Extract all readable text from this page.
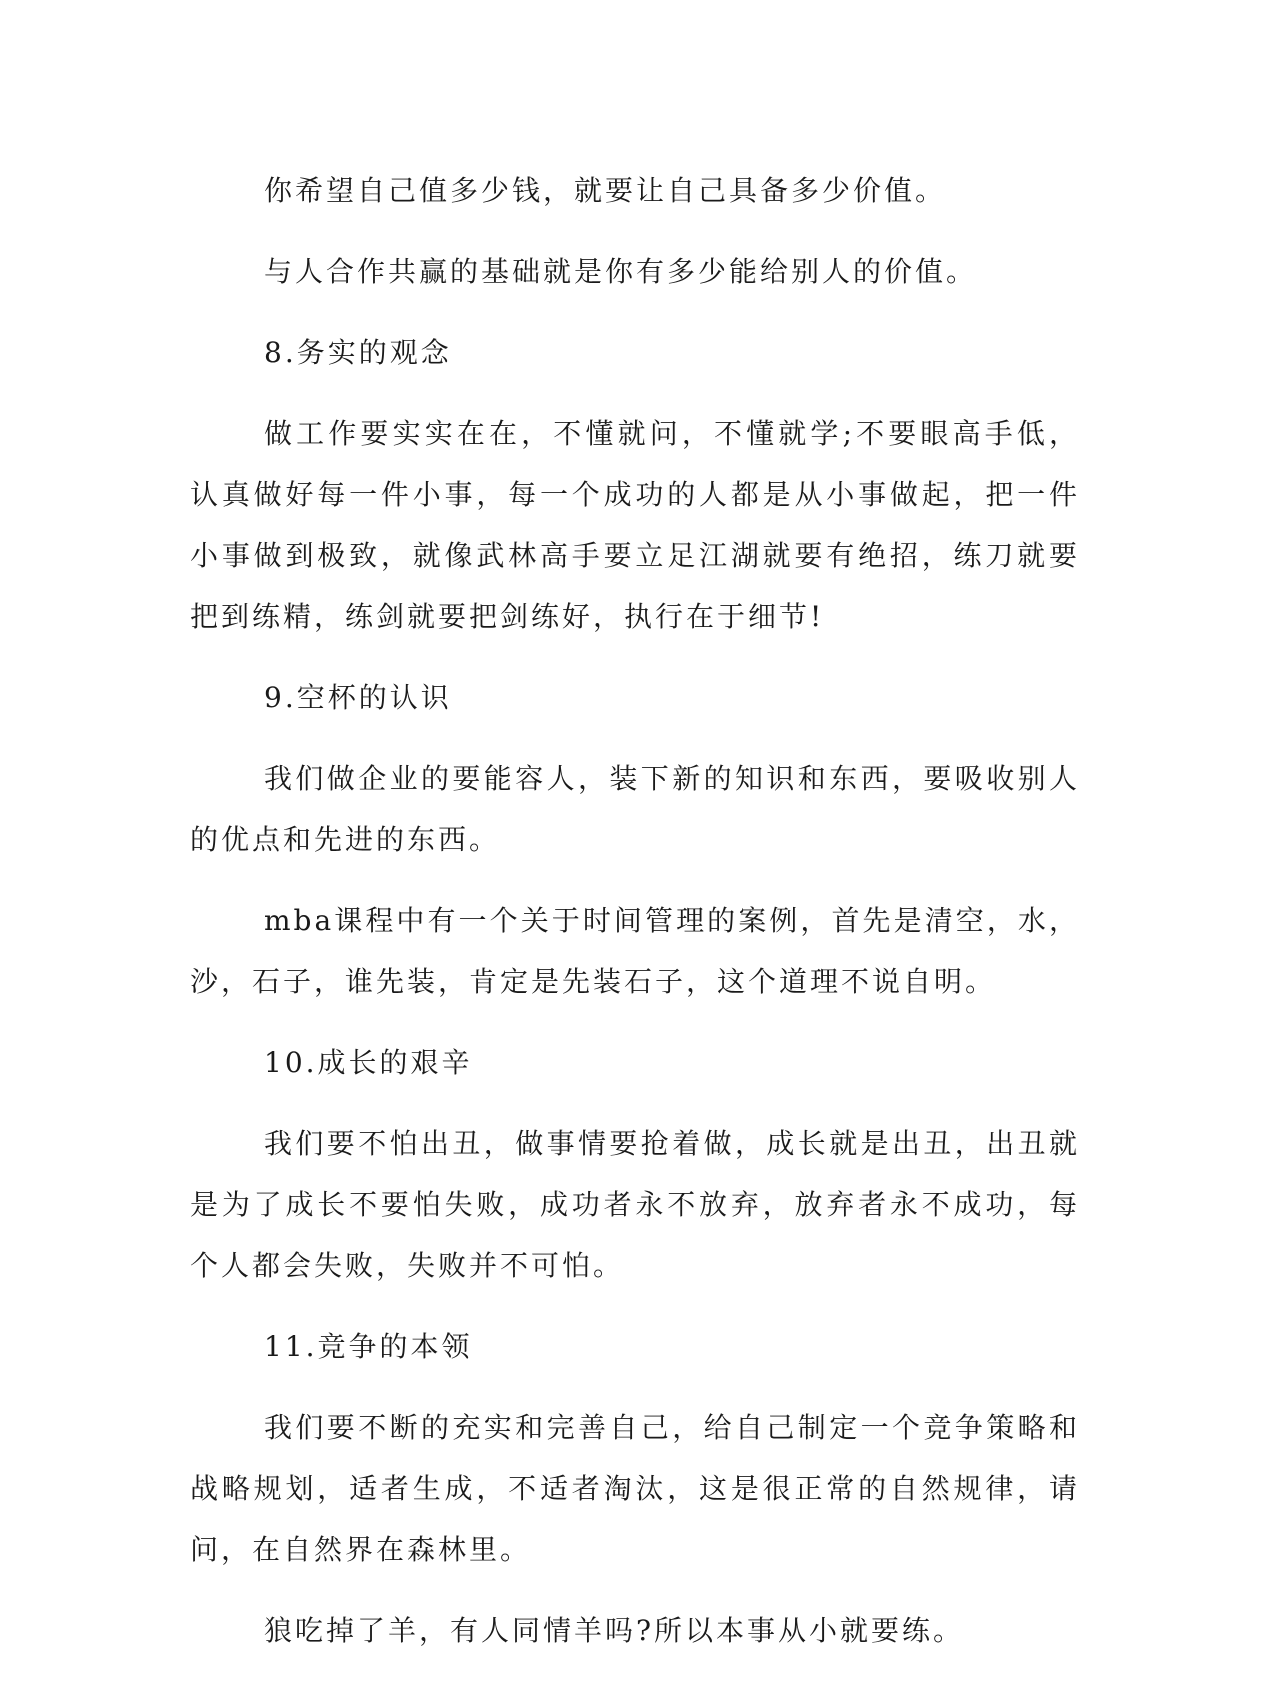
你希望自己值多少钱，就要让自己具备多少价值。

与人合作共赢的基础就是你有多少能给别人的价值。

8.务实的观念

做工作要实实在在，不懂就问，不懂就学;不要眼高手低，认真做好每一件小事，每一个成功的人都是从小事做起，把一件小事做到极致，就像武林高手要立足江湖就要有绝招，练刀就要把到练精，练剑就要把剑练好，执行在于细节!

9.空杯的认识

我们做企业的要能容人，装下新的知识和东西，要吸收别人的优点和先进的东西。

mba课程中有一个关于时间管理的案例，首先是清空，水，沙，石子，谁先装，肯定是先装石子，这个道理不说自明。

10.成长的艰辛

我们要不怕出丑，做事情要抢着做，成长就是出丑，出丑就是为了成长不要怕失败，成功者永不放弃，放弃者永不成功，每个人都会失败，失败并不可怕。

11.竞争的本领

我们要不断的充实和完善自己，给自己制定一个竞争策略和战略规划，适者生成，不适者淘汰，这是很正常的自然规律，请问，在自然界在森林里。

狼吃掉了羊，有人同情羊吗?所以本事从小就要练。
